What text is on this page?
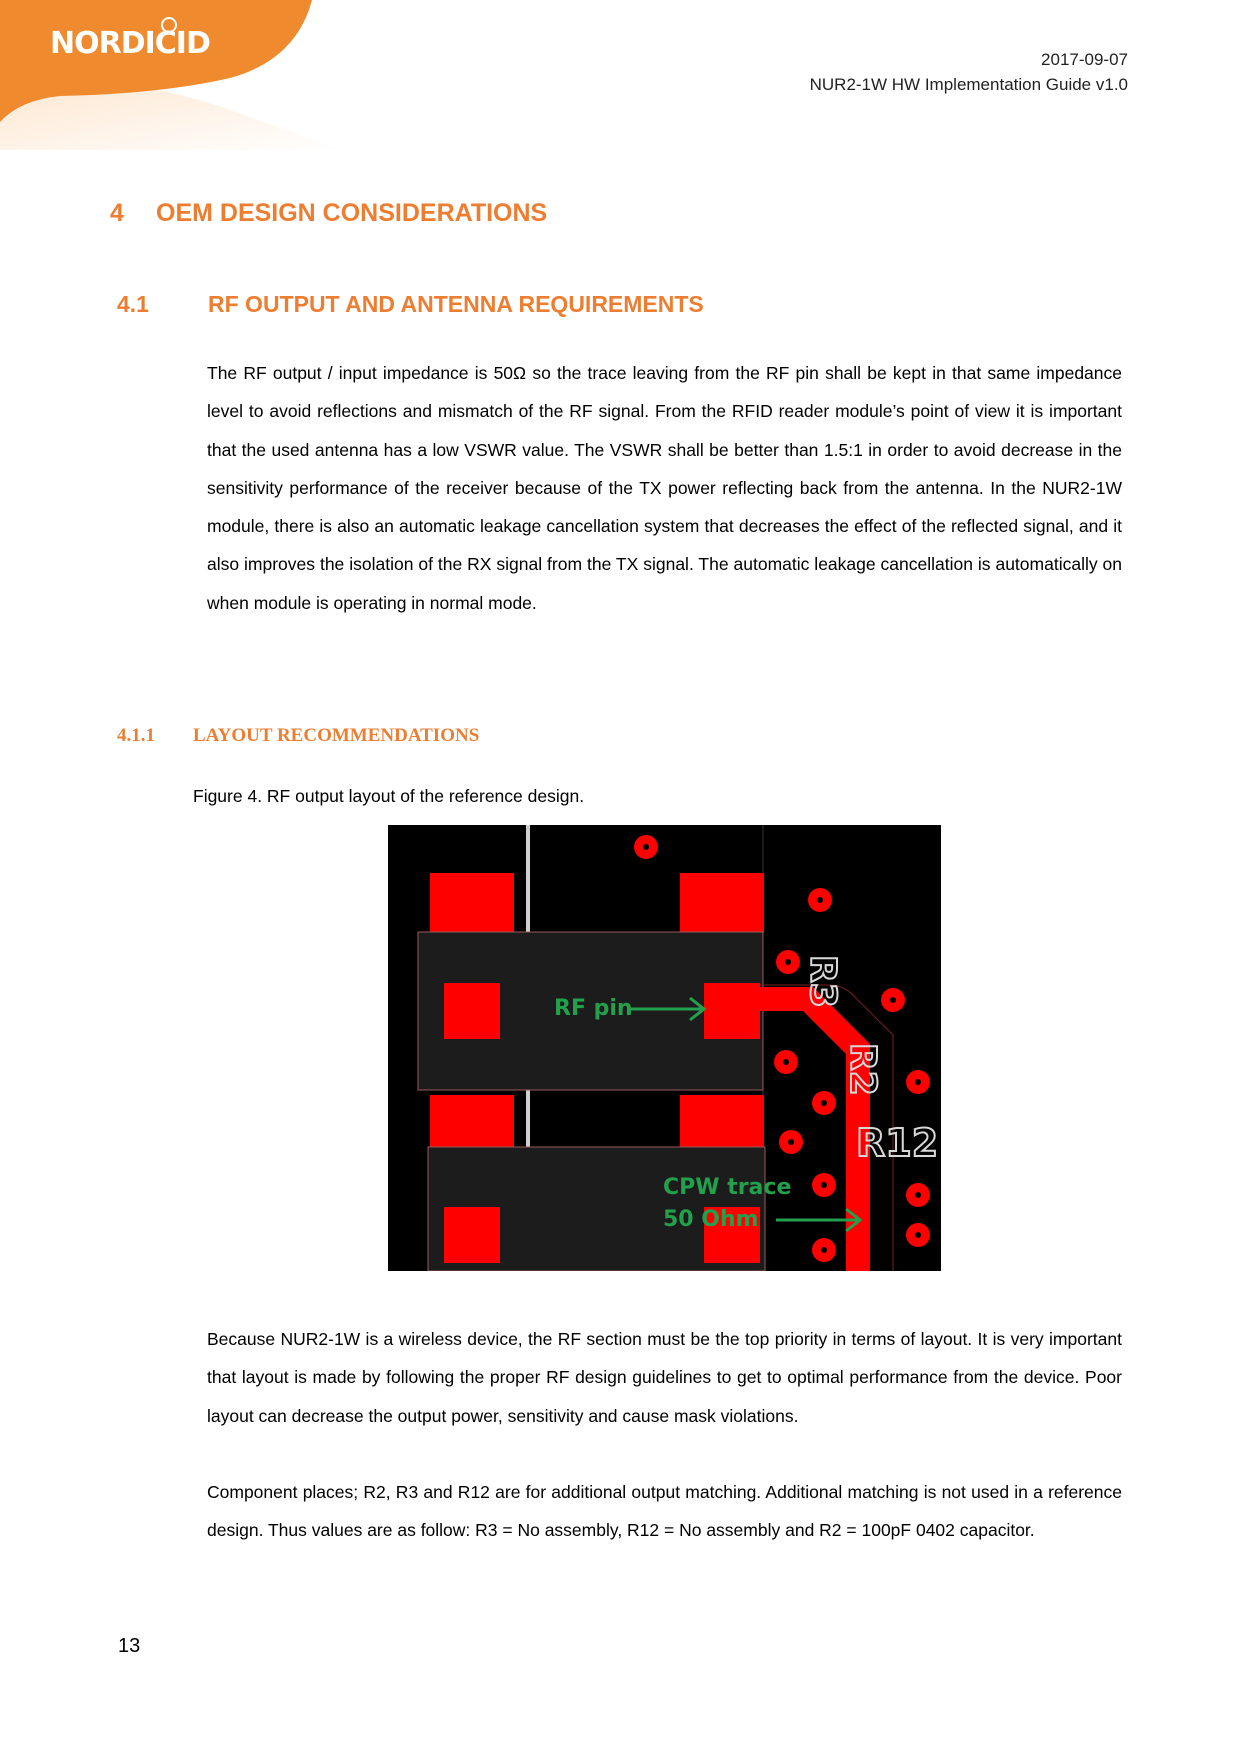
NORDICID	2017-09-07
NUR2-1W HW Implementation Guide v1.0
4 OEM DESIGN CONSIDERATIONS
4.1	RF OUTPUT AND ANTENNA REQUIREMENTS

The RF output / input impedance is 50Ω so the trace leaving from the RF pin shall be kept in that same impedance level to avoid reflections and mismatch of the RF signal. From the RFID reader module’s point of view it is important that the used antenna has a low VSWR value. The VSWR shall be better than 1.5:1 in order to avoid decrease in the sensitivity performance of the receiver because of the TX power reflecting back from the antenna. In the NUR2-1W module, there is also an automatic leakage cancellation system that decreases the effect of the reflected signal, and it also improves the isolation of the RX signal from the TX signal. The automatic leakage cancellation is automatically on when module is operating in normal mode.

4.1.1 LAYOUT RECOMMENDATIONS
Figure 4. RF output layout of the reference design.
R3
R2
R12
RF pin
CPW trace
50 Ohm

Because NUR2-1W is a wireless device, the RF section must be the top priority in terms of layout. It is very important that layout is made by following the proper RF design guidelines to get to optimal performance from the device. Poor layout can decrease the output power, sensitivity and cause mask violations.

Component places; R2, R3 and R12 are for additional output matching. Additional matching is not used in a reference design. Thus values are as follow: R3 = No assembly, R12 = No assembly and R2 = 100pF 0402 capacitor.

13
